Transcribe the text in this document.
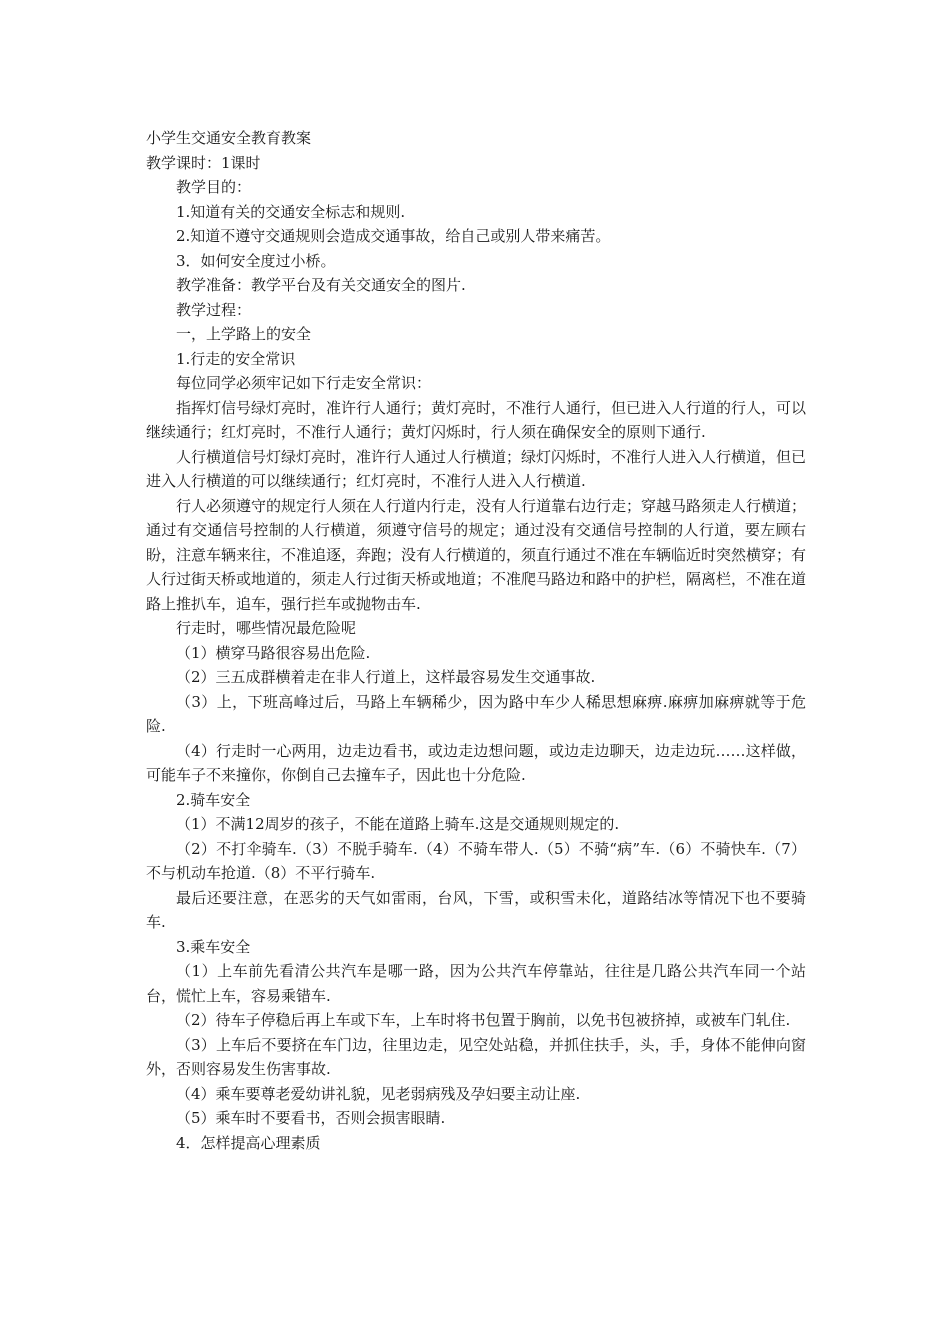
小学生交通安全教育教案

教学课时：1课时

教学目的：

1.知道有关的交通安全标志和规则.

2.知道不遵守交通规则会造成交通事故，给自己或别人带来痛苦。

3．如何安全度过小桥。

教学准备：教学平台及有关交通安全的图片.

教学过程：

一，上学路上的安全

1.行走的安全常识

每位同学必须牢记如下行走安全常识：

指挥灯信号绿灯亮时，准许行人通行；黄灯亮时，不准行人通行，但已进入人行道的行人，可以继续通行；红灯亮时，不准行人通行；黄灯闪烁时，行人须在确保安全的原则下通行.

人行横道信号灯绿灯亮时，准许行人通过人行横道；绿灯闪烁时，不准行人进入人行横道，但已进入人行横道的可以继续通行；红灯亮时，不准行人进入人行横道.

行人必须遵守的规定行人须在人行道内行走，没有人行道靠右边行走；穿越马路须走人行横道；通过有交通信号控制的人行横道，须遵守信号的规定；通过没有交通信号控制的人行道，要左顾右盼，注意车辆来往，不准追逐，奔跑；没有人行横道的，须直行通过不准在车辆临近时突然横穿；有人行过街天桥或地道的，须走人行过街天桥或地道；不准爬马路边和路中的护栏，隔离栏，不准在道路上推扒车，追车，强行拦车或抛物击车.

行走时，哪些情况最危险呢

（1）横穿马路很容易出危险.

（2）三五成群横着走在非人行道上，这样最容易发生交通事故.

（3）上，下班高峰过后，马路上车辆稀少，因为路中车少人稀思想麻痹.麻痹加麻痹就等于危险.

（4）行走时一心两用，边走边看书，或边走边想问题，或边走边聊天，边走边玩……这样做，可能车子不来撞你，你倒自己去撞车子，因此也十分危险.

2.骑车安全

（1）不满12周岁的孩子，不能在道路上骑车.这是交通规则规定的.

（2）不打伞骑车.（3）不脱手骑车.（4）不骑车带人.（5）不骑“病”车.（6）不骑快车.（7）不与机动车抢道.（8）不平行骑车.

最后还要注意，在恶劣的天气如雷雨，台风，下雪，或积雪未化，道路结冰等情况下也不要骑车.

3.乘车安全

（1）上车前先看清公共汽车是哪一路，因为公共汽车停靠站，往往是几路公共汽车同一个站台，慌忙上车，容易乘错车.

（2）待车子停稳后再上车或下车，上车时将书包置于胸前，以免书包被挤掉，或被车门轧住.

（3）上车后不要挤在车门边，往里边走，见空处站稳，并抓住扶手，头，手，身体不能伸向窗外，否则容易发生伤害事故.

（4）乘车要尊老爱幼讲礼貌，见老弱病残及孕妇要主动让座.

（5）乘车时不要看书，否则会损害眼睛.

4．怎样提高心理素质
